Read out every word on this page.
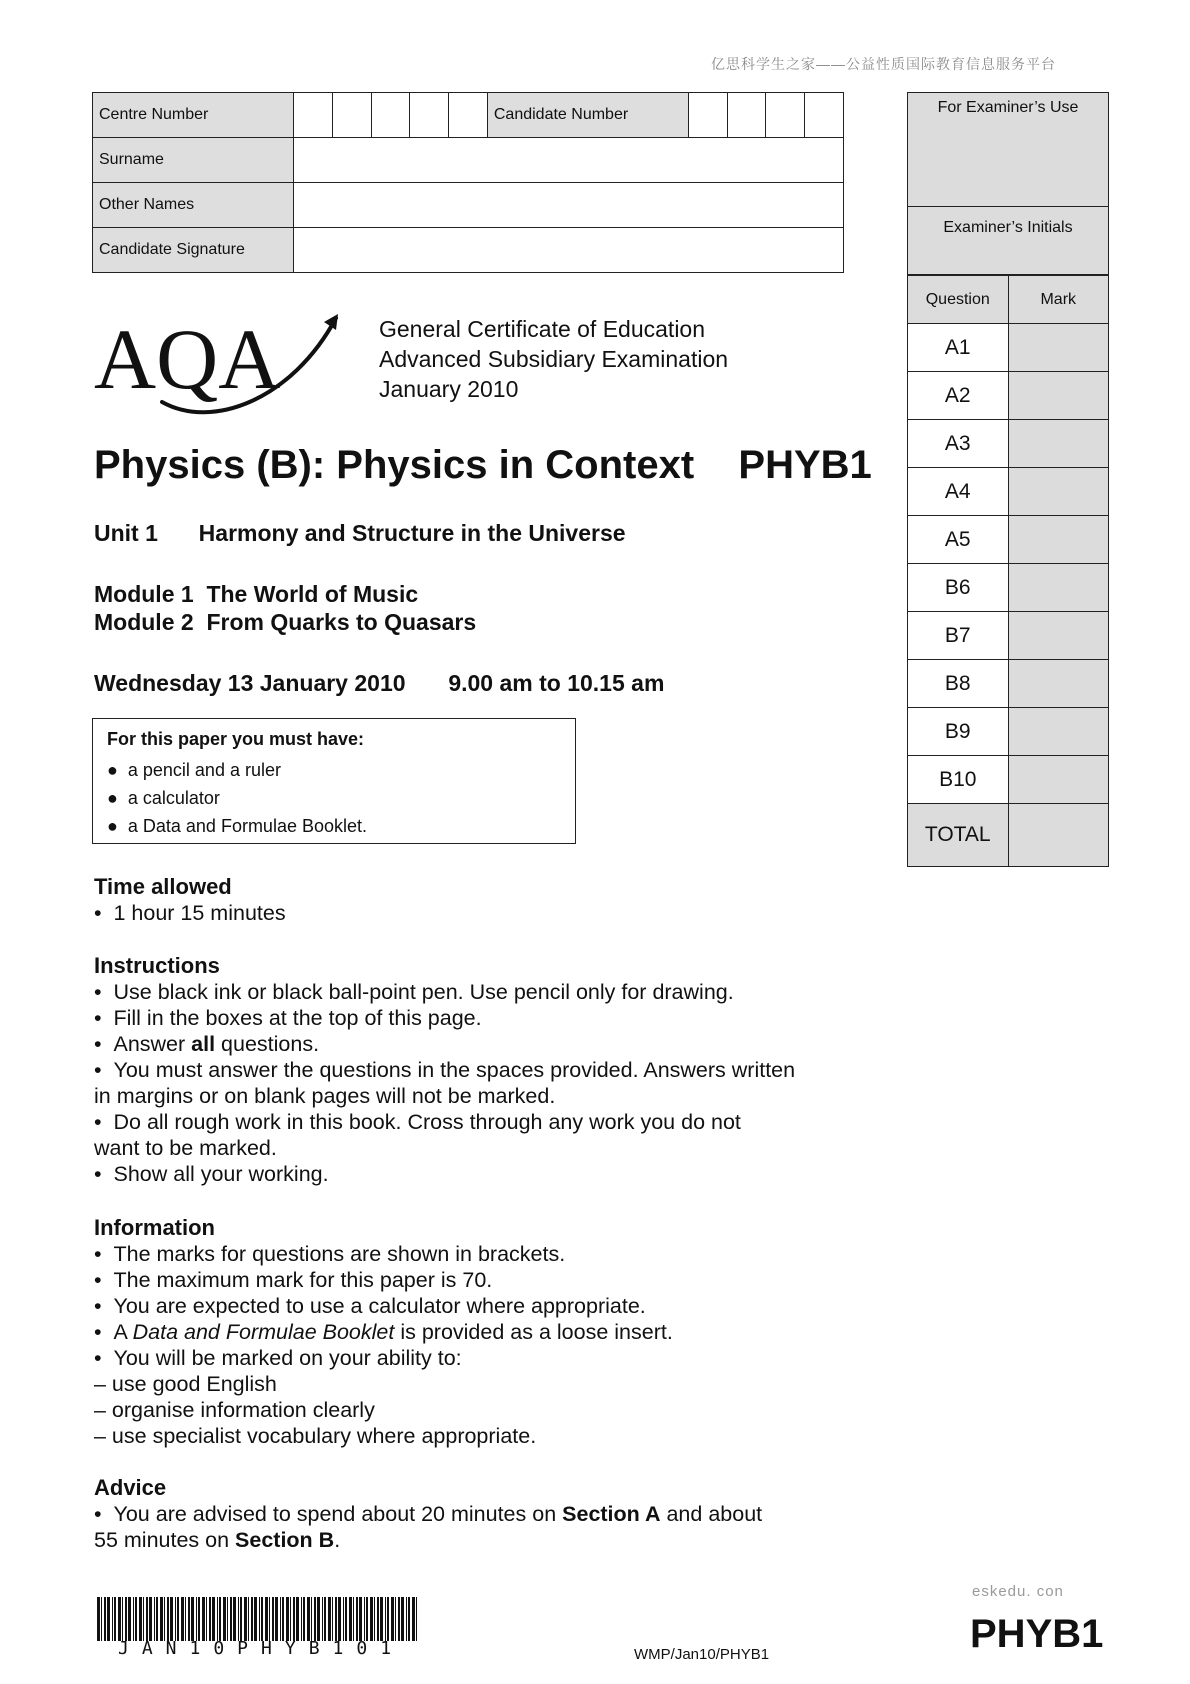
亿思科学生之家——公益性质国际教育信息服务平台
Centre Number						Candidate Number				
Surname										
Other Names										
Candidate Signature										
For Examiner’s Use
Examiner’s Initials
Question	Mark
A1	
A2	
A3	
A4	
A5	
B6	
B7	
B8	
B9	
B10	
TOTAL	
AQA	General Certificate of Education
Advanced Subsidiary Examination
January 2010
Physics (B): Physics in Context PHYB1
Unit 1 Harmony and Structure in the Universe
Module 1 The World of Music
Module 2 From Quarks to Quasars
Wednesday 13 January 2010 9.00 am to 10.15 am
For this paper you must have:
●  a pencil and a ruler
●  a calculator
●  a Data and Formulae Booklet.
Time allowed
•  1 hour 15 minutes
Instructions
•  Use black ink or black ball-point pen. Use pencil only for drawing.
•  Fill in the boxes at the top of this page.
•  Answer all questions.
•  You must answer the questions in the spaces provided. Answers written
in margins or on blank pages will not be marked.
•  Do all rough work in this book. Cross through any work you do not
want to be marked.
•  Show all your working.
Information
•  The marks for questions are shown in brackets.
•  The maximum mark for this paper is 70.
•  You are expected to use a calculator where appropriate.
•  A Data and Formulae Booklet is provided as a loose insert.
•  You will be marked on your ability to:
– use good English
– organise information clearly
– use specialist vocabulary where appropriate.
Advice
•  You are advised to spend about 20 minutes on Section A and about
55 minutes on Section B.
JAN10PHYB101	WMP/Jan10/PHYB1
eskedu. con
PHYB1
